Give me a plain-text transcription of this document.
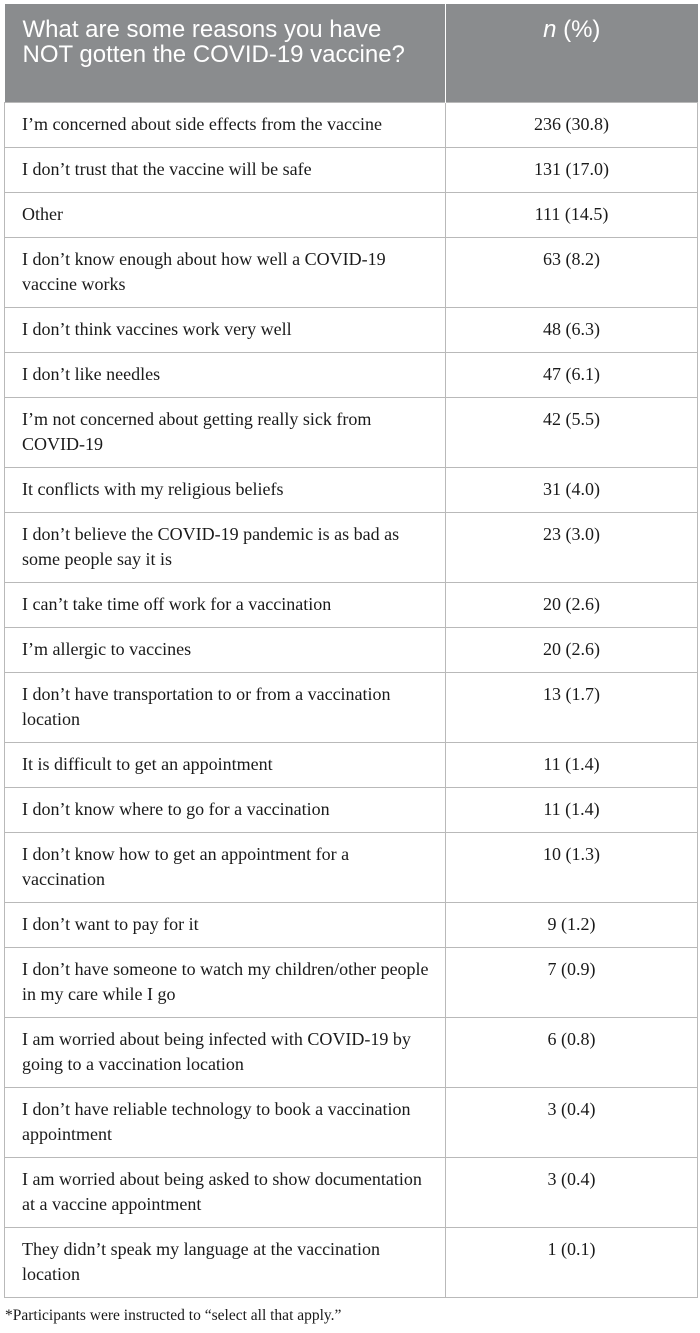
What are some reasons you have NOT gotten the COVID-19 vaccine?	n (%)
I’m concerned about side effects from the vaccine	236 (30.8)
I don’t trust that the vaccine will be safe	131 (17.0)
Other	111 (14.5)
I don’t know enough about how well a COVID-19 vaccine works	63 (8.2)
I don’t think vaccines work very well	48 (6.3)
I don’t like needles	47 (6.1)
I’m not concerned about getting really sick from COVID-19	42 (5.5)
It conflicts with my religious beliefs	31 (4.0)
I don’t believe the COVID-19 pandemic is as bad as some people say it is	23 (3.0)
I can’t take time off work for a vaccination	20 (2.6)
I’m allergic to vaccines	20 (2.6)
I don’t have transportation to or from a vaccination location	13 (1.7)
It is difficult to get an appointment	11 (1.4)
I don’t know where to go for a vaccination	11 (1.4)
I don’t know how to get an appointment for a vaccination	10 (1.3)
I don’t want to pay for it	9 (1.2)
I don’t have someone to watch my children/other people in my care while I go	7 (0.9)
I am worried about being infected with COVID-19 by going to a vaccination location	6 (0.8)
I don’t have reliable technology to book a vaccination appointment	3 (0.4)
I am worried about being asked to show documentation at a vaccine appointment	3 (0.4)
They didn’t speak my language at the vaccination location	1 (0.1)
*Participants were instructed to “select all that apply.”
